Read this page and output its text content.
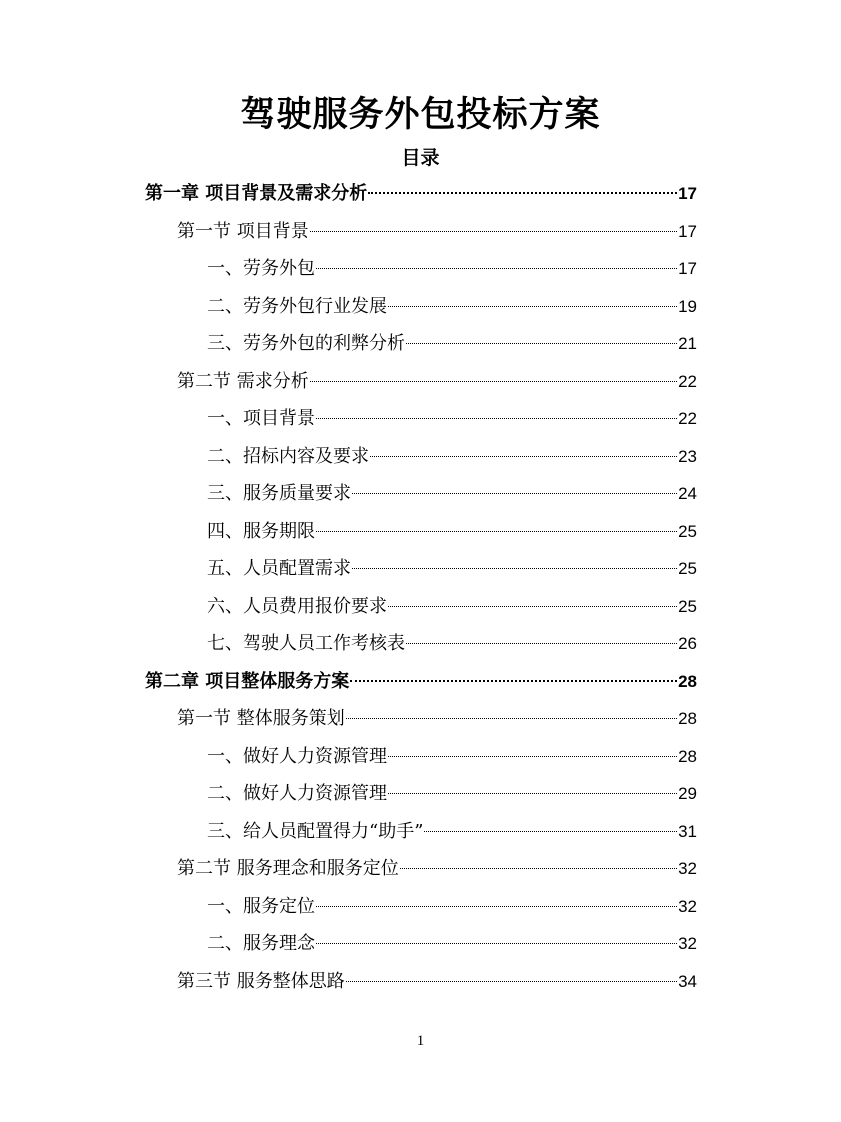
驾驶服务外包投标方案
目录
第一章 项目背景及需求分析	17
第一节 项目背景	17
一、劳务外包	17
二、劳务外包行业发展	19
三、劳务外包的利弊分析	21
第二节 需求分析	22
一、项目背景	22
二、招标内容及要求	23
三、服务质量要求	24
四、服务期限	25
五、人员配置需求	25
六、人员费用报价要求	25
七、驾驶人员工作考核表	26
第二章 项目整体服务方案	28
第一节 整体服务策划	28
一、做好人力资源管理	28
二、做好人力资源管理	29
三、给人员配置得力“助手”	31
第二节 服务理念和服务定位	32
一、服务定位	32
二、服务理念	32
第三节 服务整体思路	34
1
